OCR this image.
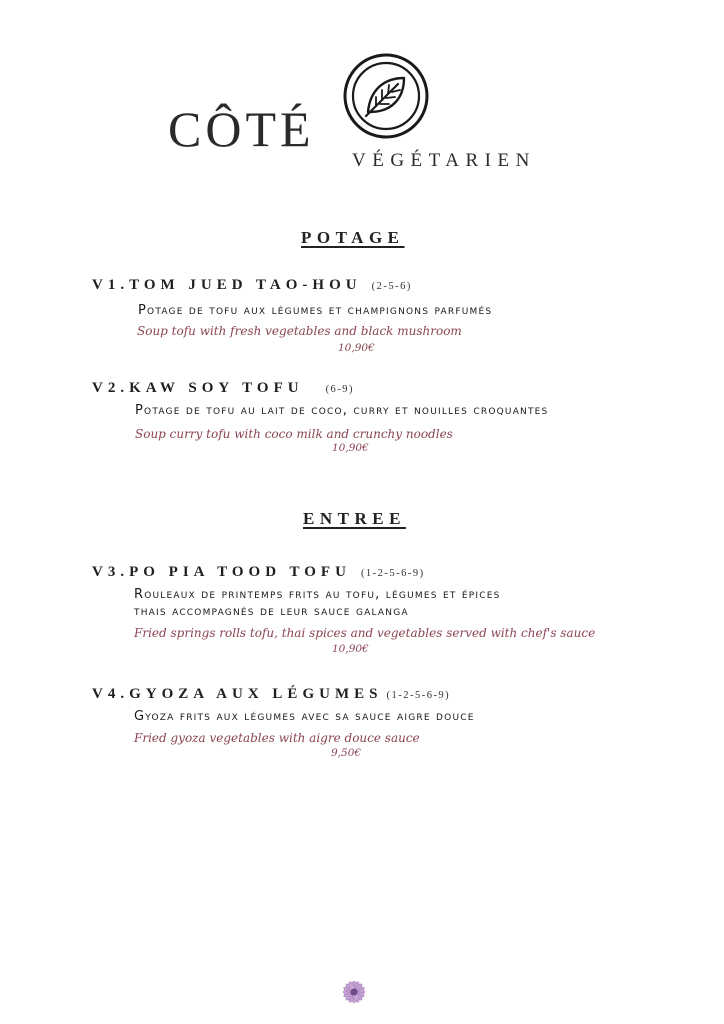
CÔTÉ
VÉGÉTARIEN
POTAGE
V1.TOM JUED TAO-HOU (2-5-6)
Potage de tofu aux légumes et champignons parfumés
Soup tofu with fresh vegetables and black mushroom
10,90€
V2.KAW SOY TOFU (6-9)
Potage de tofu au lait de coco, curry et nouilles croquantes
Soup curry tofu with coco milk and crunchy noodles
10,90€
ENTREE
V3.PO PIA TOOD TOFU (1-2-5-6-9)
Rouleaux de printemps frits au tofu, légumes et épices
thais accompagnés de leur sauce galanga
Fried springs rolls tofu, thai spices and vegetables served with chef's sauce
10,90€
V4.GYOZA AUX LÉGUMES (1-2-5-6-9)
Gyoza frits aux légumes avec sa sauce aigre douce
Fried gyoza vegetables with aigre douce sauce
9,50€
